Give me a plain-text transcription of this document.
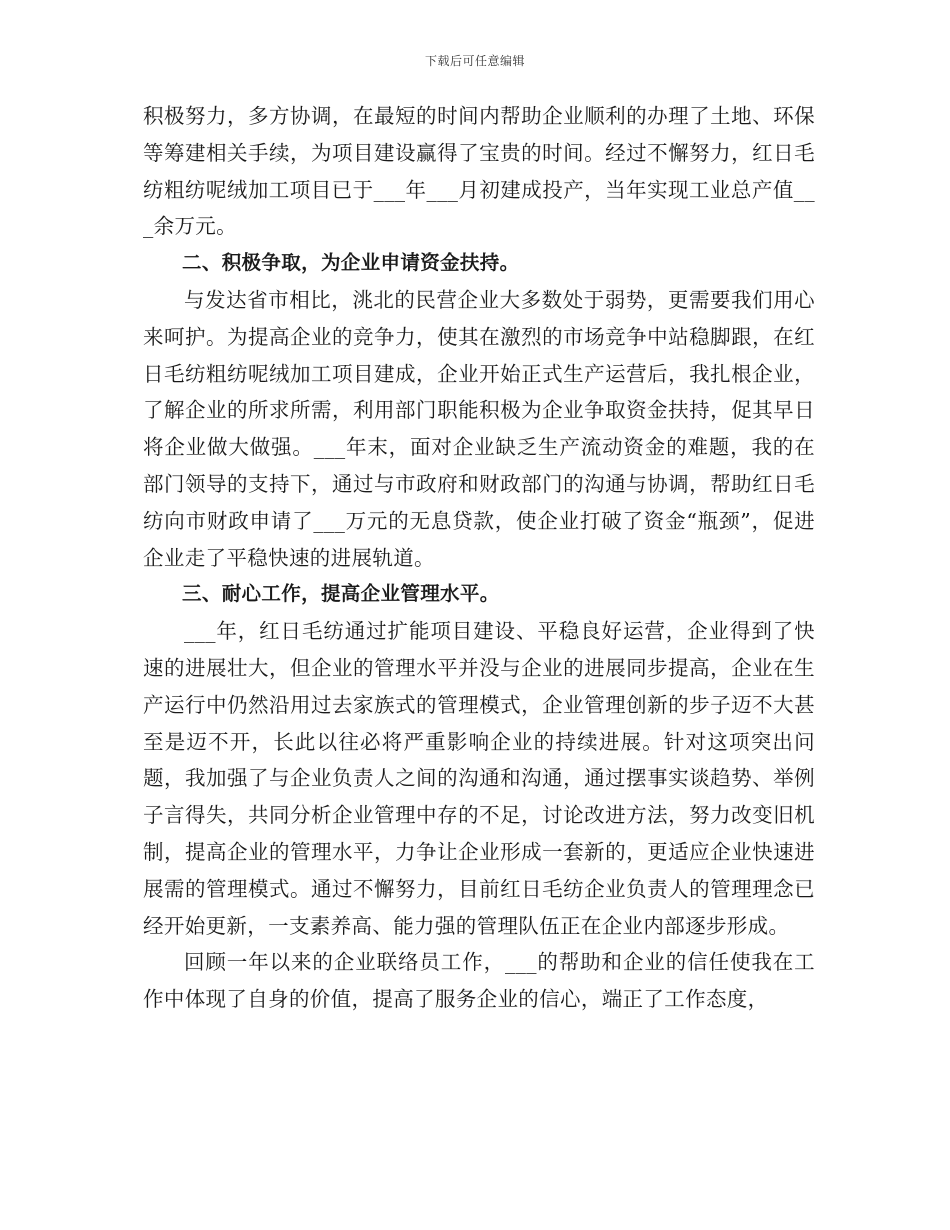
下载后可任意编辑

积极努力，多方协调，在最短的时间内帮助企业顺利的办理了土地、环保等筹建相关手续，为项目建设赢得了宝贵的时间。经过不懈努力，红日毛纺粗纺呢绒加工项目已于___年___月初建成投产，当年实现工业总产值___余万元。

二、积极争取，为企业申请资金扶持。

与发达省市相比，洮北的民营企业大多数处于弱势，更需要我们用心来呵护。为提高企业的竞争力，使其在激烈的市场竞争中站稳脚跟，在红日毛纺粗纺呢绒加工项目建成，企业开始正式生产运营后，我扎根企业，了解企业的所求所需，利用部门职能积极为企业争取资金扶持，促其早日将企业做大做强。___年末，面对企业缺乏生产流动资金的难题，我的在部门领导的支持下，通过与市政府和财政部门的沟通与协调，帮助红日毛纺向市财政申请了___万元的无息贷款，使企业打破了资金“瓶颈”，促进企业走了平稳快速的进展轨道。

三、耐心工作，提高企业管理水平。

___年，红日毛纺通过扩能项目建设、平稳良好运营，企业得到了快速的进展壮大，但企业的管理水平并没与企业的进展同步提高，企业在生产运行中仍然沿用过去家族式的管理模式，企业管理创新的步子迈不大甚至是迈不开，长此以往必将严重影响企业的持续进展。针对这项突出问题，我加强了与企业负责人之间的沟通和沟通，通过摆事实谈趋势、举例子言得失，共同分析企业管理中存的不足，讨论改进方法，努力改变旧机制，提高企业的管理水平，力争让企业形成一套新的，更适应企业快速进展需的管理模式。通过不懈努力，目前红日毛纺企业负责人的管理理念已经开始更新，一支素养高、能力强的管理队伍正在企业内部逐步形成。

回顾一年以来的企业联络员工作，___的帮助和企业的信任使我在工作中体现了自身的价值，提高了服务企业的信心，端正了工作态度，
